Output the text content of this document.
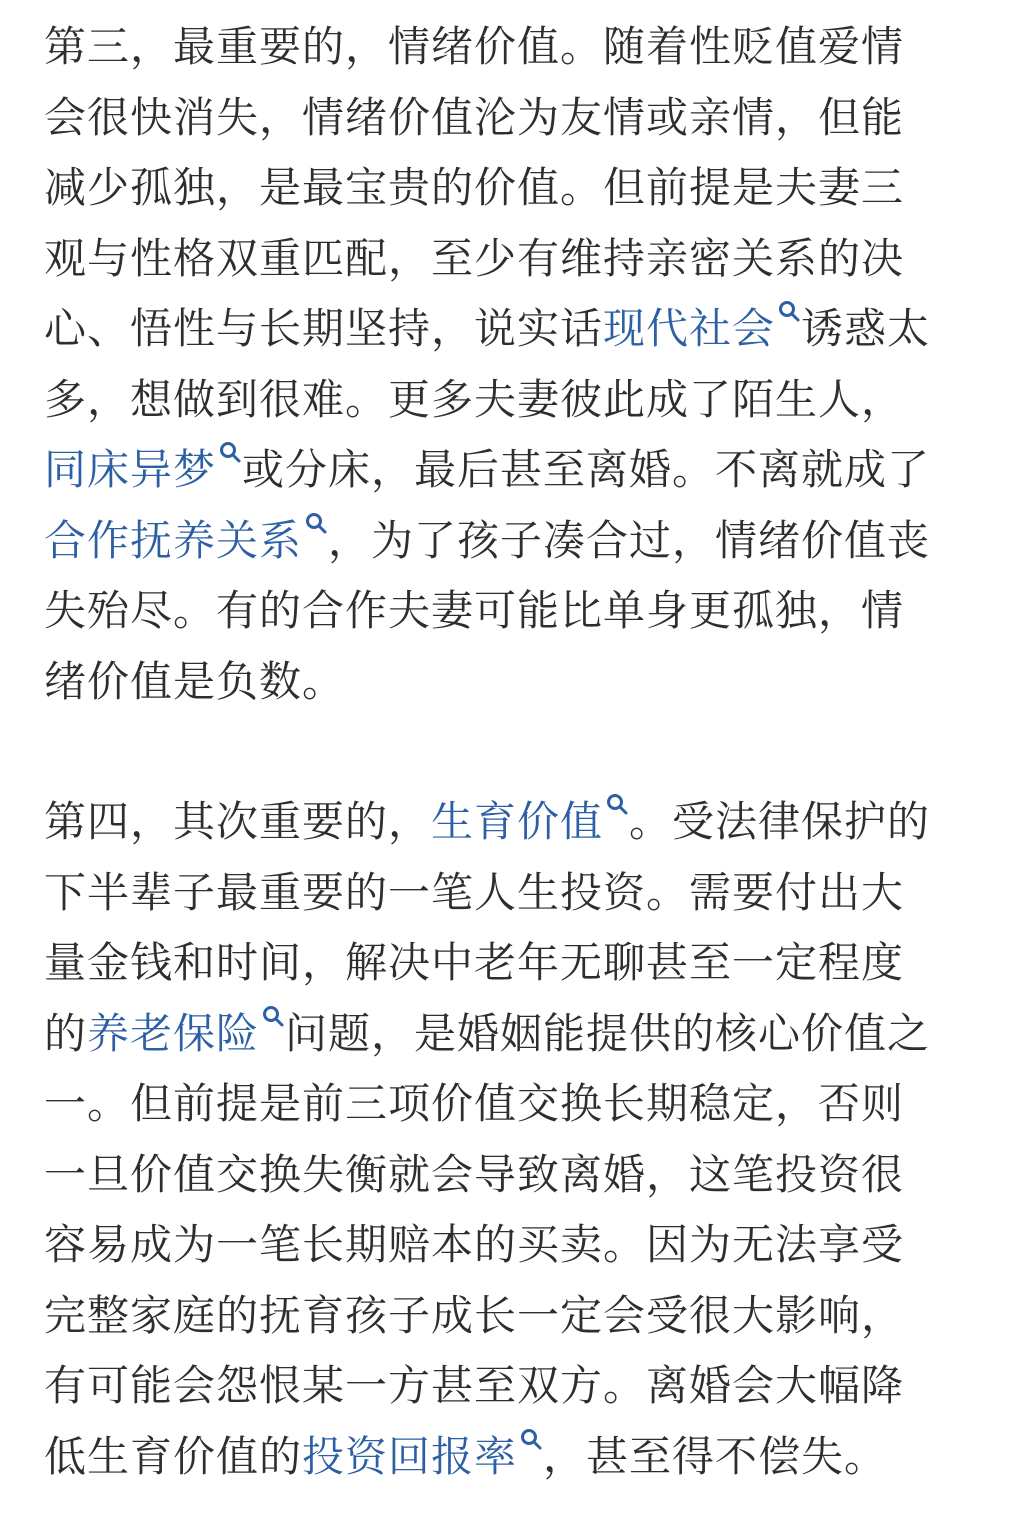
第三，最重要的，情绪价值。随着性贬值爱情
会很快消失，情绪价值沦为友情或亲情，但能
减少孤独，是最宝贵的价值。但前提是夫妻三
观与性格双重匹配，至少有维持亲密关系的决
心、悟性与长期坚持，说实话现代社会 诱惑太
多，想做到很难。更多夫妻彼此成了陌生人，
同床异梦 或分床，最后甚至离婚。不离就成了
合作抚养关系 ，为了孩子凑合过，情绪价值丧
失殆尽。有的合作夫妻可能比单身更孤独，情
绪价值是负数。

第四，其次重要的，生育价值 。受法律保护的
下半辈子最重要的一笔人生投资。需要付出大
量金钱和时间，解决中老年无聊甚至一定程度
的养老保险 问题，是婚姻能提供的核心价值之
一。但前提是前三项价值交换长期稳定，否则
一旦价值交换失衡就会导致离婚，这笔投资很
容易成为一笔长期赔本的买卖。因为无法享受
完整家庭的抚育孩子成长一定会受很大影响，
有可能会怨恨某一方甚至双方。离婚会大幅降
低生育价值的投资回报率 ，甚至得不偿失。
